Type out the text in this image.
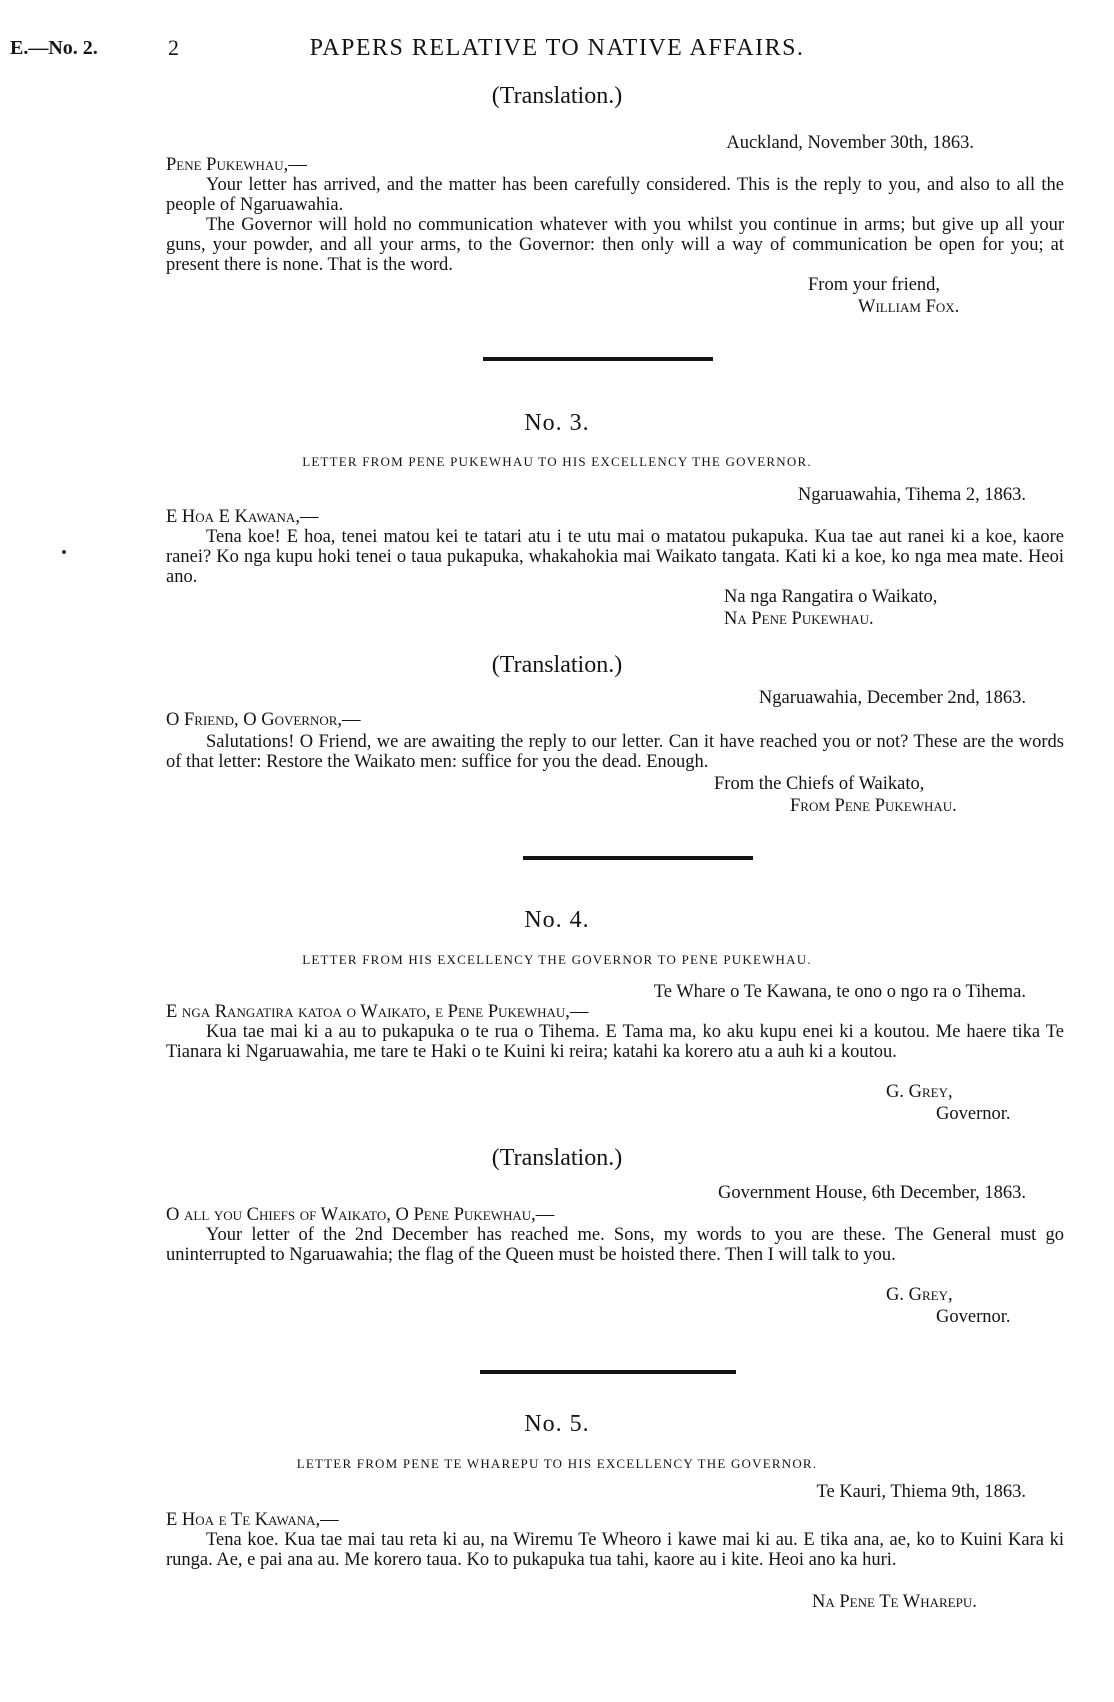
E.—No. 2.	2	PAPERS RELATIVE TO NATIVE AFFAIRS.
(Translation.)
Auckland, November 30th, 1863.
Pene Pukewhau,—
Your letter has arrived, and the matter has been carefully considered. This is the reply to you, and also to all the people of Ngaruawahia.
The Governor will hold no communication whatever with you whilst you continue in arms; but give up all your guns, your powder, and all your arms, to the Governor: then only will a way of communication be open for you; at present there is none. That is the word.
From your friend,
William Fox.
No. 3.
LETTER FROM PENE PUKEWHAU TO HIS EXCELLENCY THE GOVERNOR.
Ngaruawahia, Tihema 2, 1863.
E Hoa E Kawana,—
Tena koe! E hoa, tenei matou kei te tatari atu i te utu mai o matatou pukapuka. Kua tae aut ranei ki a koe, kaore ranei? Ko nga kupu hoki tenei o taua pukapuka, whakahokia mai Waikato tangata. Kati ki a koe, ko nga mea mate. Heoi ano.
Na nga Rangatira o Waikato,
Na Pene Pukewhau.
(Translation.)
Ngaruawahia, December 2nd, 1863.
O Friend, O Governor,—
Salutations! O Friend, we are awaiting the reply to our letter. Can it have reached you or not? These are the words of that letter: Restore the Waikato men: suffice for you the dead. Enough.
From the Chiefs of Waikato,
From Pene Pukewhau.
No. 4.
LETTER FROM HIS EXCELLENCY THE GOVERNOR TO PENE PUKEWHAU.
Te Whare o Te Kawana, te ono o ngo ra o Tihema.
E nga Rangatira katoa o Waikato, e Pene Pukewhau,—
Kua tae mai ki a au to pukapuka o te rua o Tihema. E Tama ma, ko aku kupu enei ki a koutou. Me haere tika Te Tianara ki Ngaruawahia, me tare te Haki o te Kuini ki reira; katahi ka korero atu a auh ki a koutou.
G. Grey,
Governor.
(Translation.)
Government House, 6th December, 1863.
O all you Chiefs of Waikato, O Pene Pukewhau,—
Your letter of the 2nd December has reached me. Sons, my words to you are these. The General must go uninterrupted to Ngaruawahia; the flag of the Queen must be hoisted there. Then I will talk to you.
G. Grey,
Governor.
No. 5.
LETTER FROM PENE TE WHAREPU TO HIS EXCELLENCY THE GOVERNOR.
Te Kauri, Thiema 9th, 1863.
E Hoa e Te Kawana,—
Tena koe. Kua tae mai tau reta ki au, na Wiremu Te Wheoro i kawe mai ki au. E tika ana, ae, ko to Kuini Kara ki runga. Ae, e pai ana au. Me korero taua. Ko to pukapuka tua tahi, kaore au i kite. Heoi ano ka huri.
Na Pene Te Wharepu.
